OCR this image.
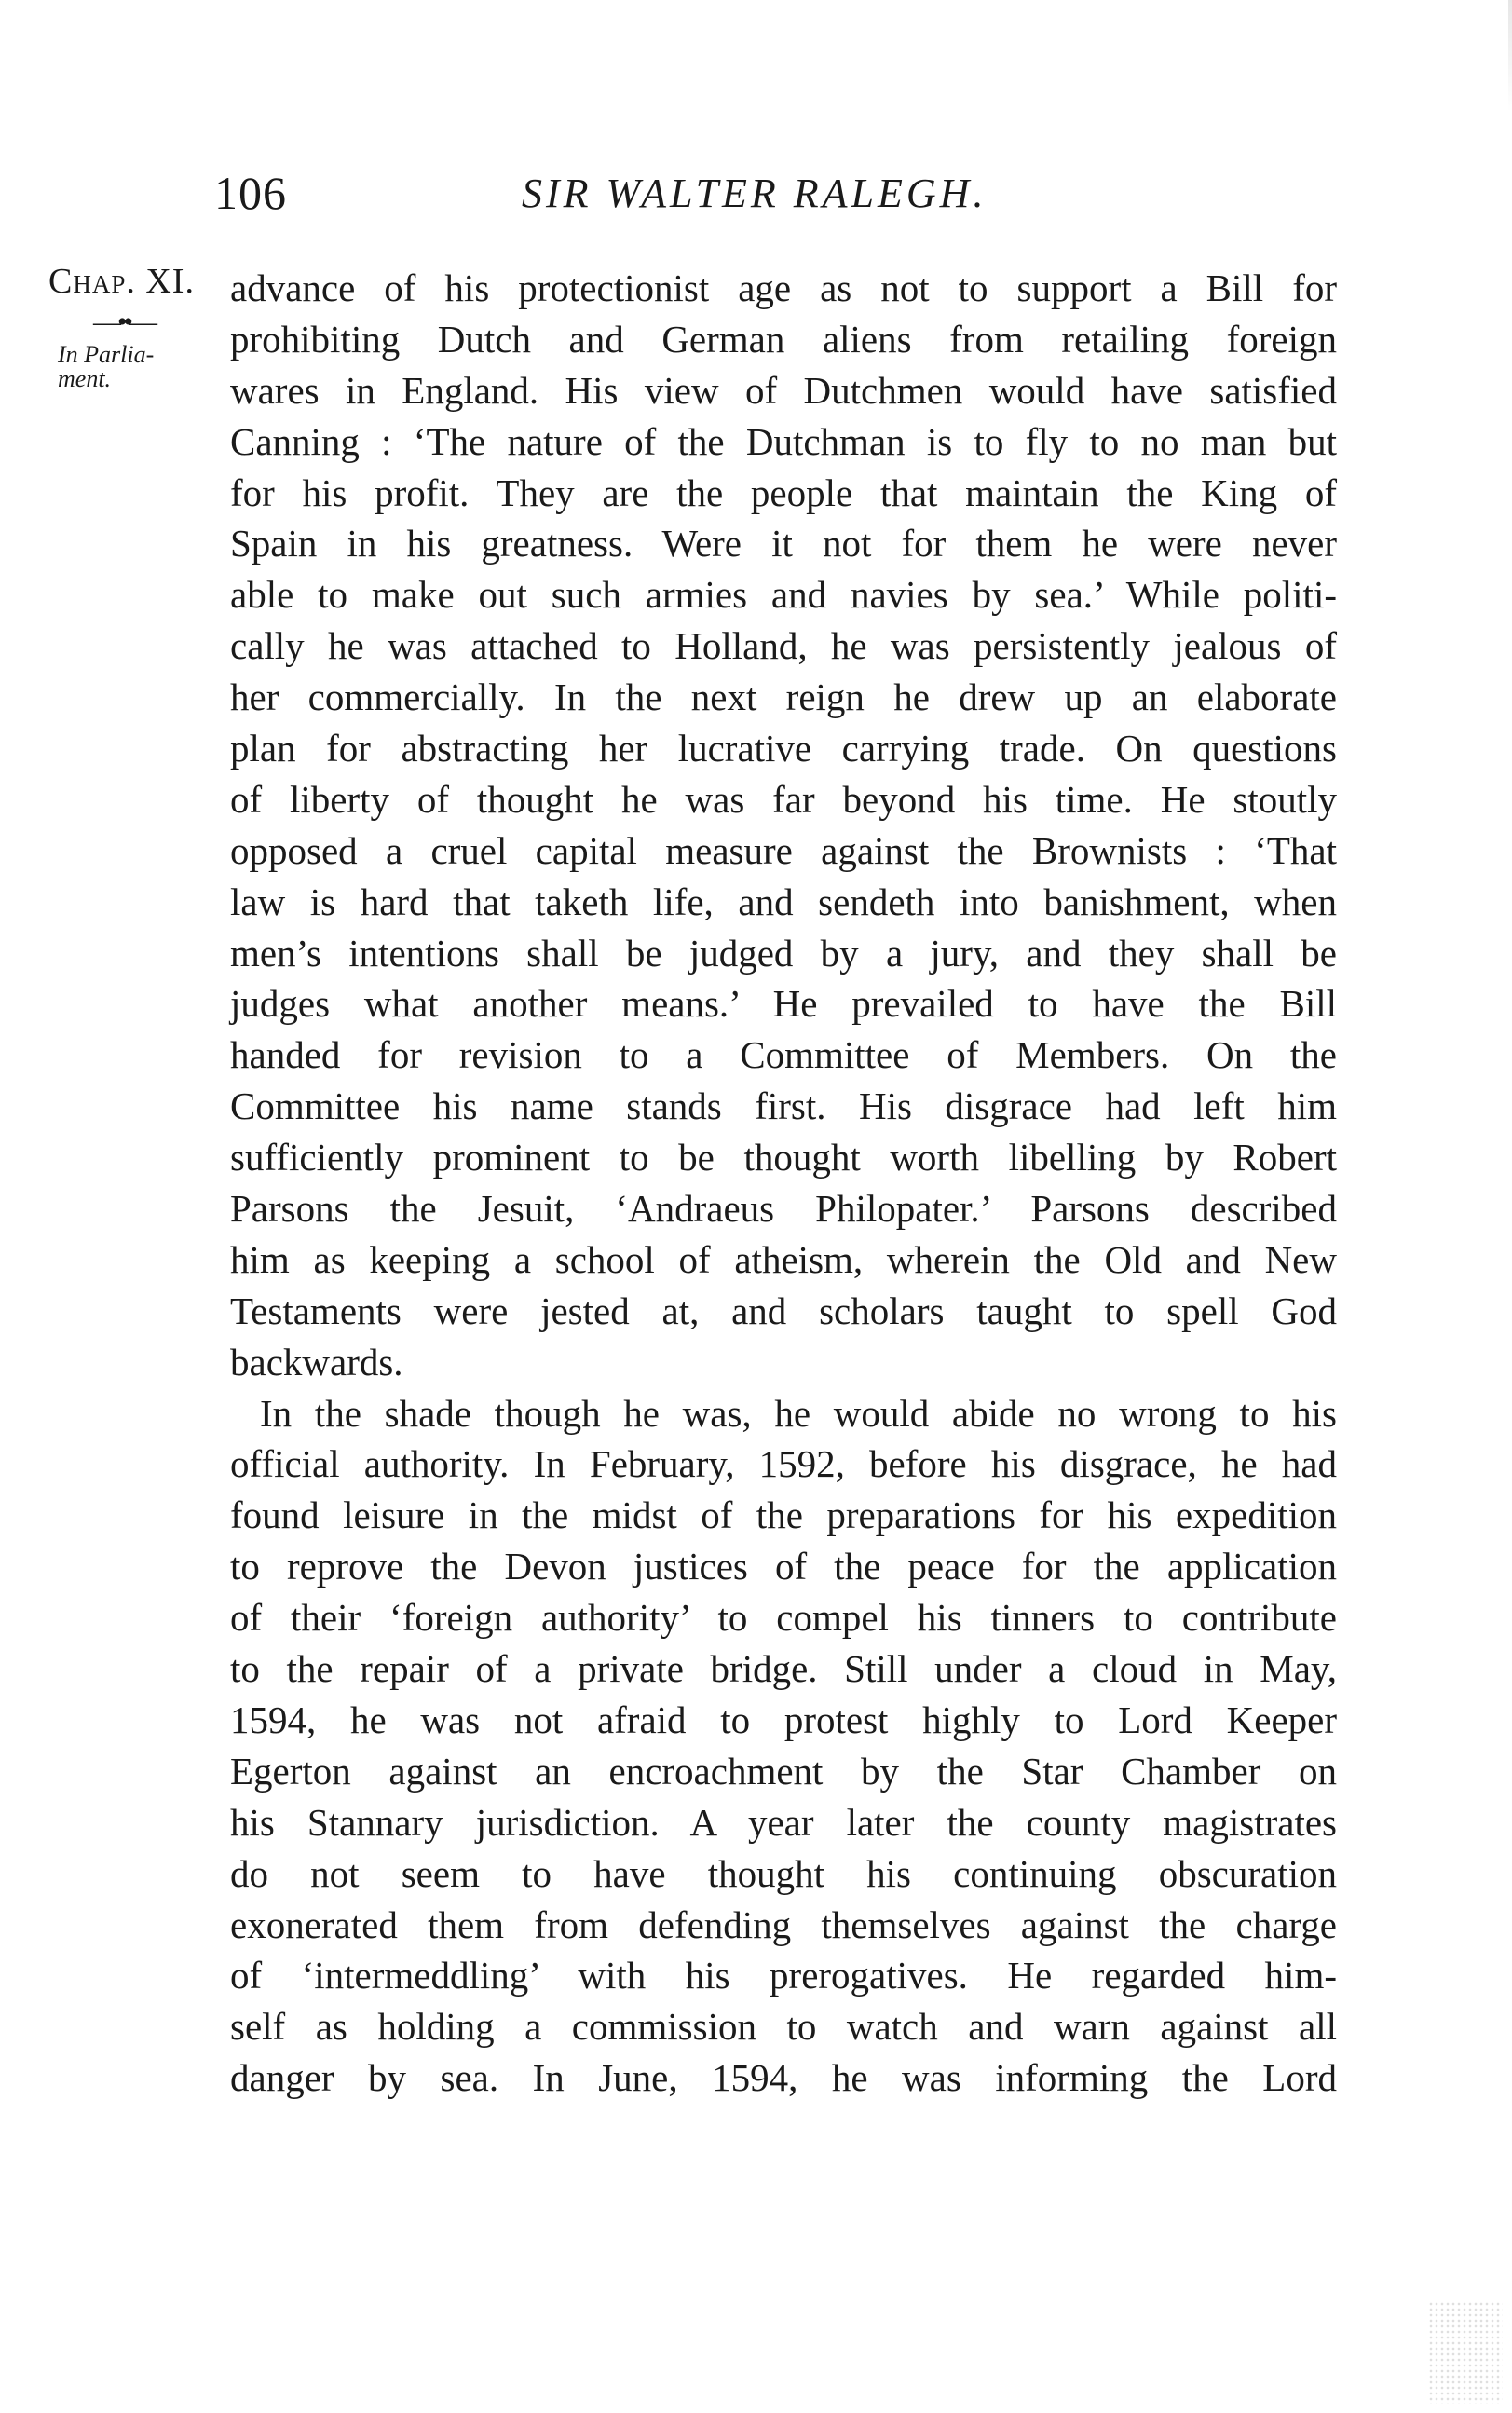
106	SIR WALTER RALEGH.
Chap. XI.
—••—
In Parlia-ment.
advance of his protectionist age as not to support a Bill for
prohibiting Dutch and German aliens from retailing foreign
wares in England. His view of Dutchmen would have satisfied
Canning : ‘The nature of the Dutchman is to fly to no man but
for his profit. They are the people that maintain the King of
Spain in his greatness. Were it not for them he were never
able to make out such armies and navies by sea.’ While politi-
cally he was attached to Holland, he was persistently jealous of
her commercially. In the next reign he drew up an elaborate
plan for abstracting her lucrative carrying trade. On questions
of liberty of thought he was far beyond his time. He stoutly
opposed a cruel capital measure against the Brownists : ‘That
law is hard that taketh life, and sendeth into banishment, when
men’s intentions shall be judged by a jury, and they shall be
judges what another means.’ He prevailed to have the Bill
handed for revision to a Committee of Members. On the
Committee his name stands first. His disgrace had left him
sufficiently prominent to be thought worth libelling by Robert
Parsons the Jesuit, ‘Andraeus Philopater.’ Parsons described
him as keeping a school of atheism, wherein the Old and New
Testaments were jested at, and scholars taught to spell God
backwards.
In the shade though he was, he would abide no wrong to his
official authority. In February, 1592, before his disgrace, he had
found leisure in the midst of the preparations for his expedition
to reprove the Devon justices of the peace for the application
of their ‘foreign authority’ to compel his tinners to contribute
to the repair of a private bridge. Still under a cloud in May,
1594, he was not afraid to protest highly to Lord Keeper
Egerton against an encroachment by the Star Chamber on
his Stannary jurisdiction. A year later the county magistrates
do not seem to have thought his continuing obscuration
exonerated them from defending themselves against the charge
of ‘intermeddling’ with his prerogatives. He regarded him-
self as holding a commission to watch and warn against all
danger by sea. In June, 1594, he was informing the Lord
